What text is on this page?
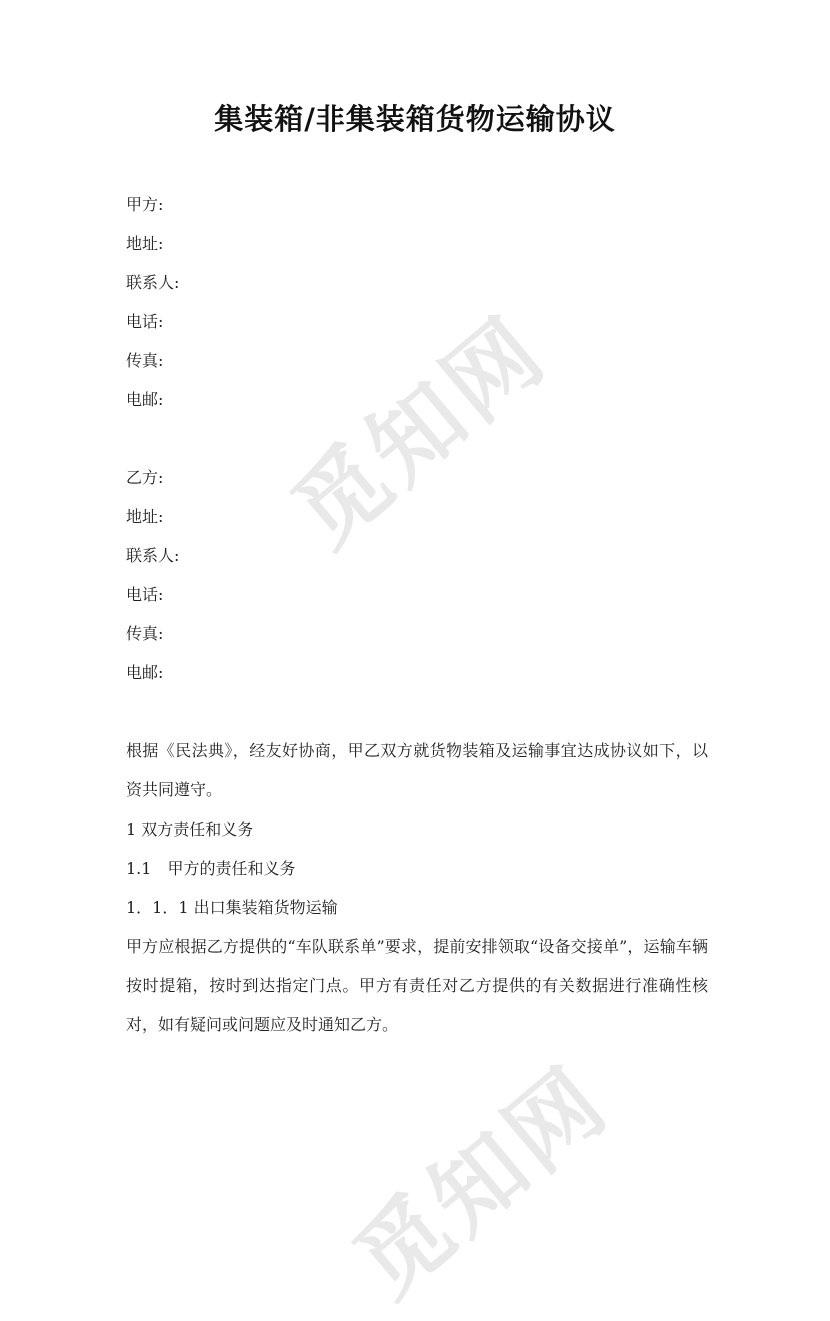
觅知网
觅知网
集装箱/非集装箱货物运输协议
甲方:
地址:
联系人:
电话:
传真:
电邮:
乙方:
地址:
联系人:
电话:
传真:
电邮:
根据《民法典》，经友好协商，甲乙双方就货物装箱及运输事宜达成协议如下，以资共同遵守。
1 双方责任和义务
1.1　甲方的责任和义务
1．1．1 出口集装箱货物运输
甲方应根据乙方提供的“车队联系单”要求，提前安排领取“设备交接单”，运输车辆按时提箱，按时到达指定门点。甲方有责任对乙方提供的有关数据进行准确性核对，如有疑问或问题应及时通知乙方。
